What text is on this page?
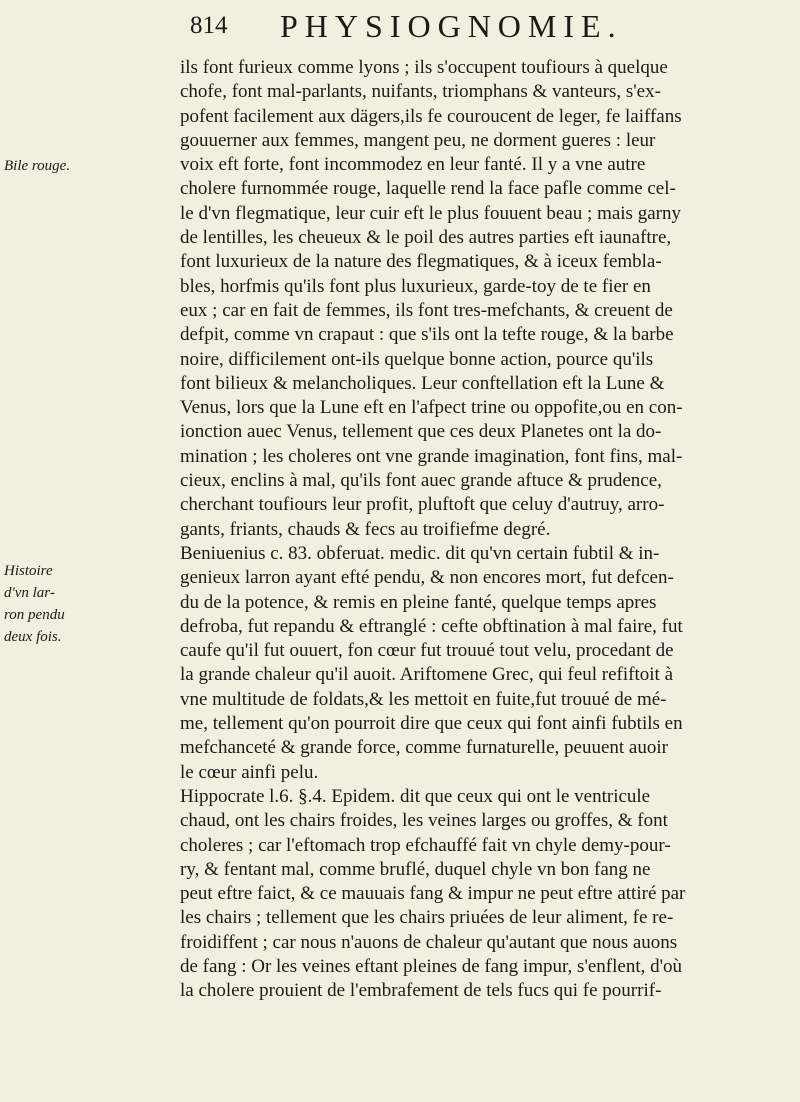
814 PHYSIOGNOMIE.
Bile rouge.
Histoire
d'vn lar-
ron pendu
deux fois.
ils font furieux comme lyons ; ils s'occupent toufiours à quelque
chofe, font mal-parlants, nuifants, triomphans & vanteurs, s'ex-
pofent facilement aux dägers,ils fe couroucent de leger, fe laiffans
gouuerner aux femmes, mangent peu, ne dorment gueres : leur
voix eft forte, font incommodez en leur fanté. Il y a vne autre
cholere furnommée rouge, laquelle rend la face pafle comme cel-
le d'vn flegmatique, leur cuir eft le plus fouuent beau ; mais garny
de lentilles, les cheueux & le poil des autres parties eft iaunaftre,
font luxurieux de la nature des flegmatiques, & à iceux fembla-
bles, horfmis qu'ils font plus luxurieux, garde-toy de te fier en
eux ; car en fait de femmes, ils font tres-mefchants, & creuent de
defpit, comme vn crapaut : que s'ils ont la tefte rouge, & la barbe
noire, difficilement ont-ils quelque bonne action, pource qu'ils
font bilieux & melancholiques. Leur conftellation eft la Lune &
Venus, lors que la Lune eft en l'afpect trine ou oppofite,ou en con-
ionction auec Venus, tellement que ces deux Planetes ont la do-
mination ; les choleres ont vne grande imagination, font fins, mal-
cieux, enclins à mal, qu'ils font auec grande aftuce & prudence,
cherchant toufiours leur profit, pluftoft que celuy d'autruy, arro-
gants, friants, chauds & fecs au troifiefme degré.
Beniuenius c. 83. obferuat. medic. dit qu'vn certain fubtil & in-
genieux larron ayant efté pendu, & non encores mort, fut defcen-
du de la potence, & remis en pleine fanté, quelque temps apres
defroba, fut repandu & eftranglé : cefte obftination à mal faire, fut
caufe qu'il fut ouuert, fon cœur fut trouué tout velu, procedant de
la grande chaleur qu'il auoit. Ariftomene Grec, qui feul refiftoit à
vne multitude de foldats,& les mettoit en fuite,fut trouué de mé-
me, tellement qu'on pourroit dire que ceux qui font ainfi fubtils en
mefchanceté & grande force, comme furnaturelle, peuuent auoir
le cœur ainfi pelu.
Hippocrate l.6. §.4. Epidem. dit que ceux qui ont le ventricule
chaud, ont les chairs froides, les veines larges ou groffes, & font
choleres ; car l'eftomach trop efchauffé fait vn chyle demy-pour-
ry, & fentant mal, comme bruflé, duquel chyle vn bon fang ne
peut eftre faict, & ce mauuais fang & impur ne peut eftre attiré par
les chairs ; tellement que les chairs priuées de leur aliment, fe re-
froidiffent ; car nous n'auons de chaleur qu'autant que nous auons
de fang : Or les veines eftant pleines de fang impur, s'enflent, d'où
la cholere prouient de l'embrafement de tels fucs qui fe pourrif-
